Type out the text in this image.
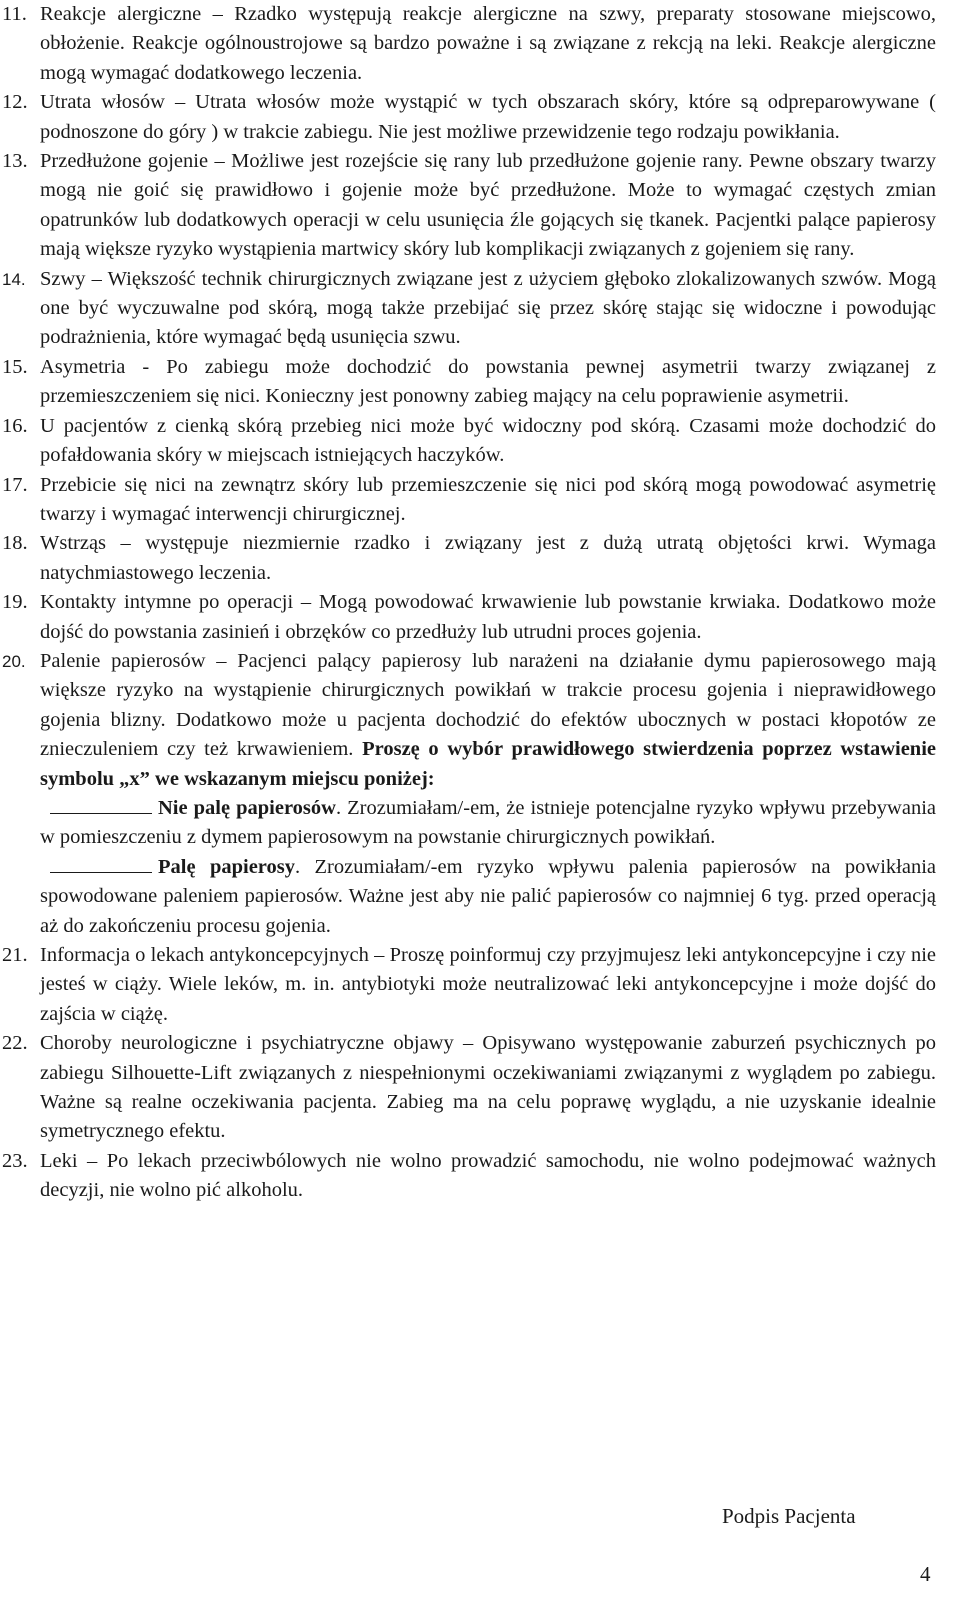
11. Reakcje alergiczne – Rzadko występują reakcje alergiczne na szwy, preparaty stosowane miejscowo, obłożenie. Reakcje ogólnoustrojowe są bardzo poważne i są związane z rekcją na leki. Reakcje alergiczne mogą wymagać dodatkowego leczenia.

12. Utrata włosów – Utrata włosów może wystąpić w tych obszarach skóry, które są odpreparowywane ( podnoszone do góry ) w trakcie zabiegu. Nie jest możliwe przewidzenie tego rodzaju powikłania.

13. Przedłużone gojenie – Możliwe jest rozejście się rany lub przedłużone gojenie rany. Pewne obszary twarzy mogą nie goić się prawidłowo i gojenie może być przedłużone. Może to wymagać częstych zmian opatrunków lub dodatkowych operacji w celu usunięcia źle gojących się tkanek. Pacjentki palące papierosy mają większe ryzyko wystąpienia martwicy skóry lub komplikacji związanych z gojeniem się rany.

14. Szwy – Większość technik chirurgicznych związane jest z użyciem głęboko zlokalizowanych szwów. Mogą one być wyczuwalne pod skórą, mogą także przebijać się przez skórę stając się widoczne i powodując podrażnienia, które wymagać będą usunięcia szwu.

15. Asymetria - Po zabiegu może dochodzić do powstania pewnej asymetrii twarzy związanej z przemieszczeniem się nici. Konieczny jest ponowny zabieg mający na celu poprawienie asymetrii.

16. U pacjentów z cienką skórą przebieg nici może być widoczny pod skórą. Czasami może dochodzić do pofałdowania skóry w miejscach istniejących haczyków.

17. Przebicie się nici na zewnątrz skóry lub przemieszczenie się nici pod skórą mogą powodować asymetrię twarzy i wymagać interwencji chirurgicznej.

18. Wstrząs – występuje niezmiernie rzadko i związany jest z dużą utratą objętości krwi. Wymaga natychmiastowego leczenia.

19. Kontakty intymne po operacji – Mogą powodować krwawienie lub powstanie krwiaka. Dodatkowo może dojść do powstania zasinień i obrzęków co przedłuży lub utrudni proces gojenia.

20. Palenie papierosów – Pacjenci palący papierosy lub narażeni na działanie dymu papierosowego mają większe ryzyko na wystąpienie chirurgicznych powikłań w trakcie procesu gojenia i nieprawidłowego gojenia blizny. Dodatkowo może u pacjenta dochodzić do efektów ubocznych w postaci kłopotów ze znieczuleniem czy też krwawieniem. Proszę o wybór prawidłowego stwierdzenia poprzez wstawienie symbolu „x” we wskazanym miejscu poniżej:

Nie palę papierosów. Zrozumiałam/-em, że istnieje potencjalne ryzyko wpływu przebywania w pomieszczeniu z dymem papierosowym na powstanie chirurgicznych powikłań.

Palę papierosy. Zrozumiałam/-em ryzyko wpływu palenia papierosów na powikłania spowodowane paleniem papierosów. Ważne jest aby nie palić papierosów co najmniej 6 tyg. przed operacją aż do zakończeniu procesu gojenia.

21. Informacja o lekach antykoncepcyjnych – Proszę poinformuj czy przyjmujesz leki antykoncepcyjne i czy nie jesteś w ciąży. Wiele leków, m. in. antybiotyki może neutralizować leki antykoncepcyjne i może dojść do zajścia w ciążę.

22. Choroby neurologiczne i psychiatryczne objawy – Opisywano występowanie zaburzeń psychicznych po zabiegu Silhouette-Lift związanych z niespełnionymi oczekiwaniami związanymi z wyglądem po zabiegu. Ważne są realne oczekiwania pacjenta. Zabieg ma na celu poprawę wyglądu, a nie uzyskanie idealnie symetrycznego efektu.

23. Leki – Po lekach przeciwbólowych nie wolno prowadzić samochodu, nie wolno podejmować ważnych decyzji, nie wolno pić alkoholu.

Podpis Pacjenta
4
